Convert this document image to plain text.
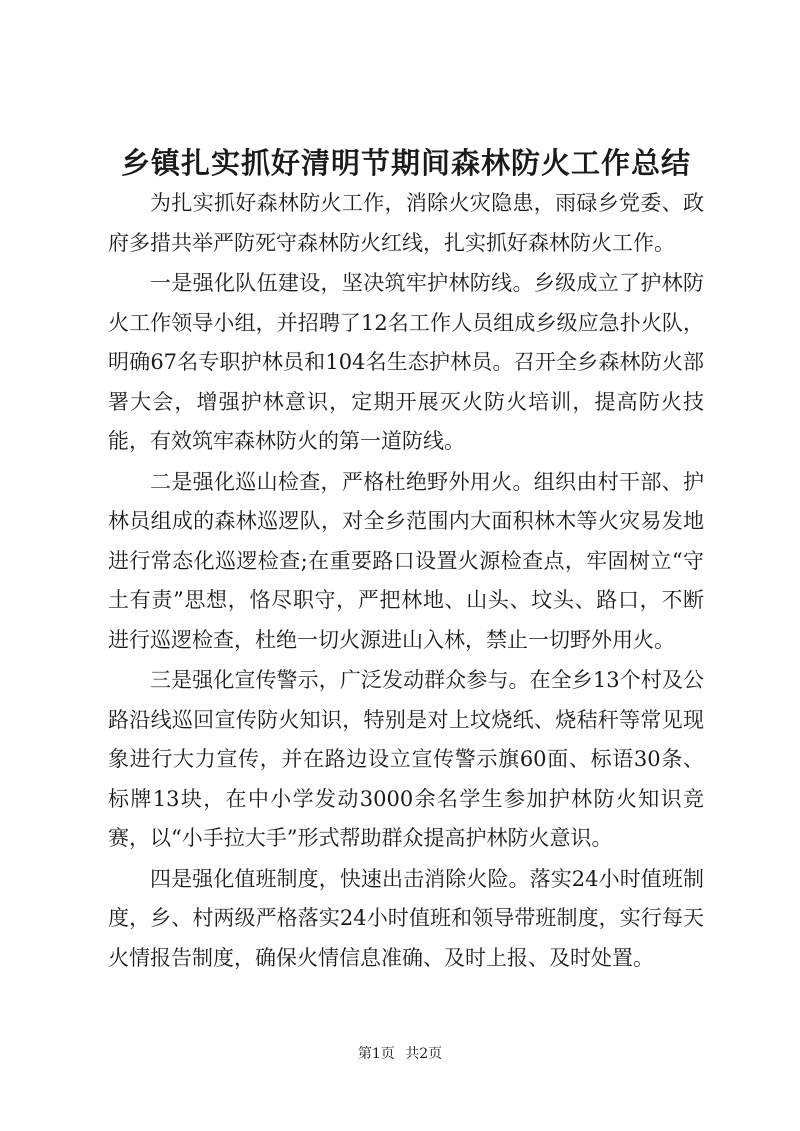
乡镇扎实抓好清明节期间森林防火工作总结

为扎实抓好森林防火工作，消除火灾隐患，雨碌乡党委、政府多措共举严防死守森林防火红线，扎实抓好森林防火工作。

一是强化队伍建设，坚决筑牢护林防线。乡级成立了护林防火工作领导小组，并招聘了12名工作人员组成乡级应急扑火队，明确67名专职护林员和104名生态护林员。召开全乡森林防火部署大会，增强护林意识，定期开展灭火防火培训，提高防火技能，有效筑牢森林防火的第一道防线。

二是强化巡山检查，严格杜绝野外用火。组织由村干部、护林员组成的森林巡逻队，对全乡范围内大面积林木等火灾易发地进行常态化巡逻检查;在重要路口设置火源检查点，牢固树立“守土有责”思想，恪尽职守，严把林地、山头、坟头、路口，不断进行巡逻检查，杜绝一切火源进山入林，禁止一切野外用火。

三是强化宣传警示，广泛发动群众参与。在全乡13个村及公路沿线巡回宣传防火知识，特别是对上坟烧纸、烧秸秆等常见现象进行大力宣传，并在路边设立宣传警示旗60面、标语30条、标牌13块，在中小学发动3000余名学生参加护林防火知识竞赛，以“小手拉大手”形式帮助群众提高护林防火意识。

四是强化值班制度，快速出击消除火险。落实24小时值班制度，乡、村两级严格落实24小时值班和领导带班制度，实行每天火情报告制度，确保火情信息准确、及时上报、及时处置。

第1页 共2页
